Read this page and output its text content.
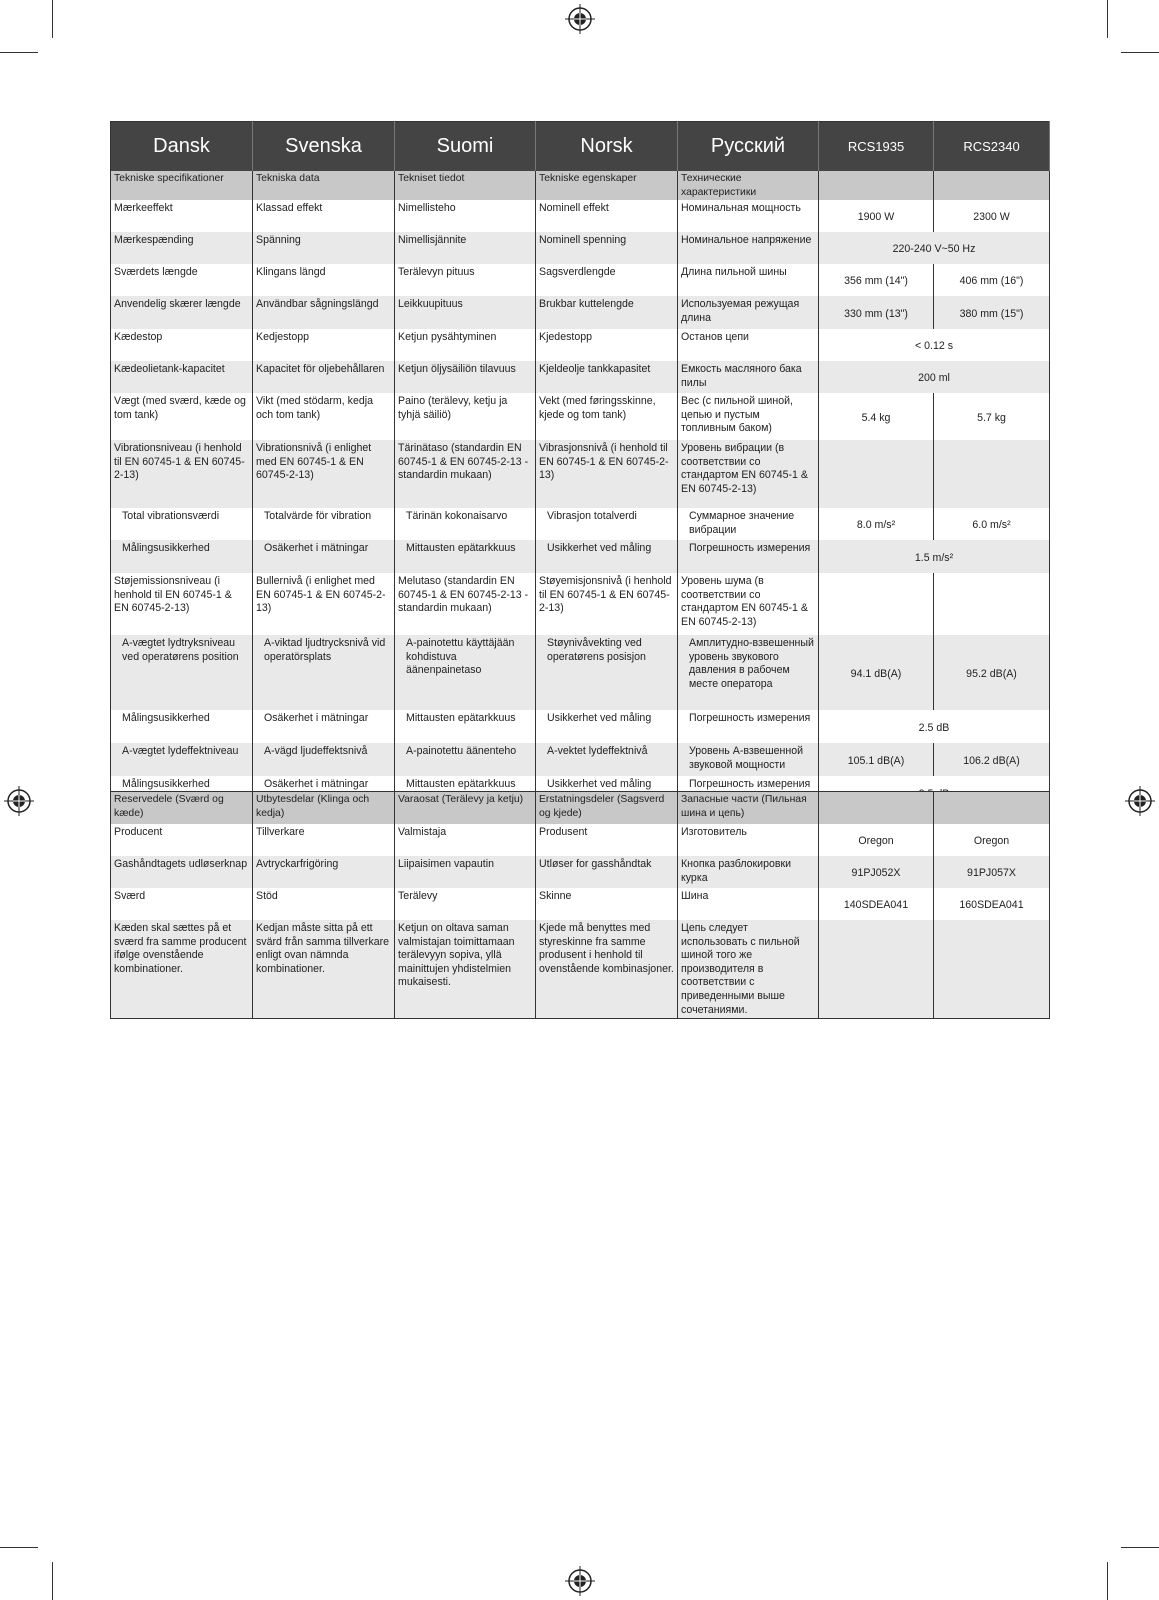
Dansk	Svenska	Suomi	Norsk	Русский	RCS1935	RCS2340
Tekniske specifikationer	Tekniska data	Tekniset tiedot	Tekniske egenskaper	Технические характеристики		
Mærkeeffekt	Klassad effekt	Nimellisteho	Nominell effekt	Номинальная мощность	1900 W	2300 W
Mærkespænding	Spänning	Nimellisjännite	Nominell spenning	Номинальное напряжение	220-240 V~50 Hz	
Sværdets længde	Klingans längd	Terälevyn pituus	Sagsverdlengde	Длина пильной шины	356 mm (14")	406 mm (16")
Anvendelig skærer længde	Användbar sågningslängd	Leikkuupituus	Brukbar kuttelengde	Используемая режущая длина	330 mm (13")	380 mm (15")
Kædestop	Kedjestopp	Ketjun pysähtyminen	Kjedestopp	Останов цепи	< 0.12 s	
Kædeolietank-kapacitet	Kapacitet för oljebehållaren	Ketjun öljysäiliön tilavuus	Kjeldeolje tankkapasitet	Емкость масляного бака пилы	200 ml	
Vægt (med sværd, kæde og tom tank)	Vikt (med stödarm, kedja och tom tank)	Paino (terälevy, ketju ja tyhjä säiliö)	Vekt (med føringsskinne, kjede og tom tank)	Вес (с пильной шиной, цепью и пустым топливным баком)	5.4 kg	5.7 kg
Vibrationsniveau (i henhold til EN 60745-1 & EN 60745-2-13)	Vibrationsnivå (i enlighet med EN 60745-1 & EN 60745-2-13)	Tärinätaso (standardin EN 60745-1 & EN 60745-2-13 -standardin mukaan)	Vibrasjonsnivå (i henhold til EN 60745-1 & EN 60745-2-13)	Уровень вибрации (в соответствии со стандартом EN 60745-1 & EN 60745-2-13)		
Total vibrationsværdi	Totalvärde för vibration	Tärinän kokonaisarvo	Vibrasjon totalverdi	Суммарное значение вибрации	8.0 m/s²	6.0 m/s²
Målingsusikkerhed	Osäkerhet i mätningar	Mittausten epätarkkuus	Usikkerhet ved måling	Погрешность измерения	1.5 m/s²	
Støjemissionsniveau (i henhold til EN 60745-1 & EN 60745-2-13)	Bullernivå (i enlighet med EN 60745-1 & EN 60745-2-13)	Melutaso (standardin EN 60745-1 & EN 60745-2-13 -standardin mukaan)	Støyemisjonsnivå (i henhold til EN 60745-1 & EN 60745-2-13)	Уровень шума (в соответствии со стандартом EN 60745-1 & EN 60745-2-13)		
A-vægtet lydtryksniveau ved operatørens position	A-viktad ljudtrycksnivå vid operatörsplats	A-painotettu käyttäjään kohdistuva äänenpainetaso	Støynivåvekting ved operatørens posisjon	Амплитудно-взвешенный уровень звукового давления в рабочем месте оператора	94.1 dB(A)	95.2 dB(A)
Målingsusikkerhed	Osäkerhet i mätningar	Mittausten epätarkkuus	Usikkerhet ved måling	Погрешность измерения	2.5 dB	
A-vægtet lydeffektniveau	A-vägd ljudeffektsnivå	A-painotettu äänenteho	A-vektet lydeffektnivå	Уровень A-взвешенной звуковой мощности	105.1 dB(A)	106.2 dB(A)
Målingsusikkerhed	Osäkerhet i mätningar	Mittausten epätarkkuus	Usikkerhet ved måling	Погрешность измерения	
Reservedele (Sværd og kæde)	Utbytesdelar (Klinga och kedja)	Varaosat (Terälevy ja ketju)	Erstatningsdeler (Sagsverd og kjede)	Запасные части (Пильная шина и цепь)		
Producent	Tillverkare	Valmistaja	Produsent	Изготовитель	Oregon	Oregon
Gashåndtagets udløserknap	Avtryckarfrigöring	Liipaisimen vapautin	Utløser for gasshåndtak	Кнопка разблокировки курка	91PJ052X	91PJ057X
Sværd	Stöd	Terälevy	Skinne	Шина	140SDEA041	160SDEA041
Kæden skal sættes på et sværd fra samme producent ifølge ovenstående kombinationer.	Kedjan måste sitta på ett svärd från samma tillverkare enligt ovan nämnda kombinationer.	Ketjun on oltava saman valmistajan toimittamaan terälevyyn sopiva, yllä mainittujen yhdistelmien mukaisesti.	Kjede må benyttes med styreskinne fra samme produsent i henhold til ovenstående kombinasjoner.	Цепь следует использовать с пильной шиной того же производителя в соответствии с приведенными выше сочетаниями.		
